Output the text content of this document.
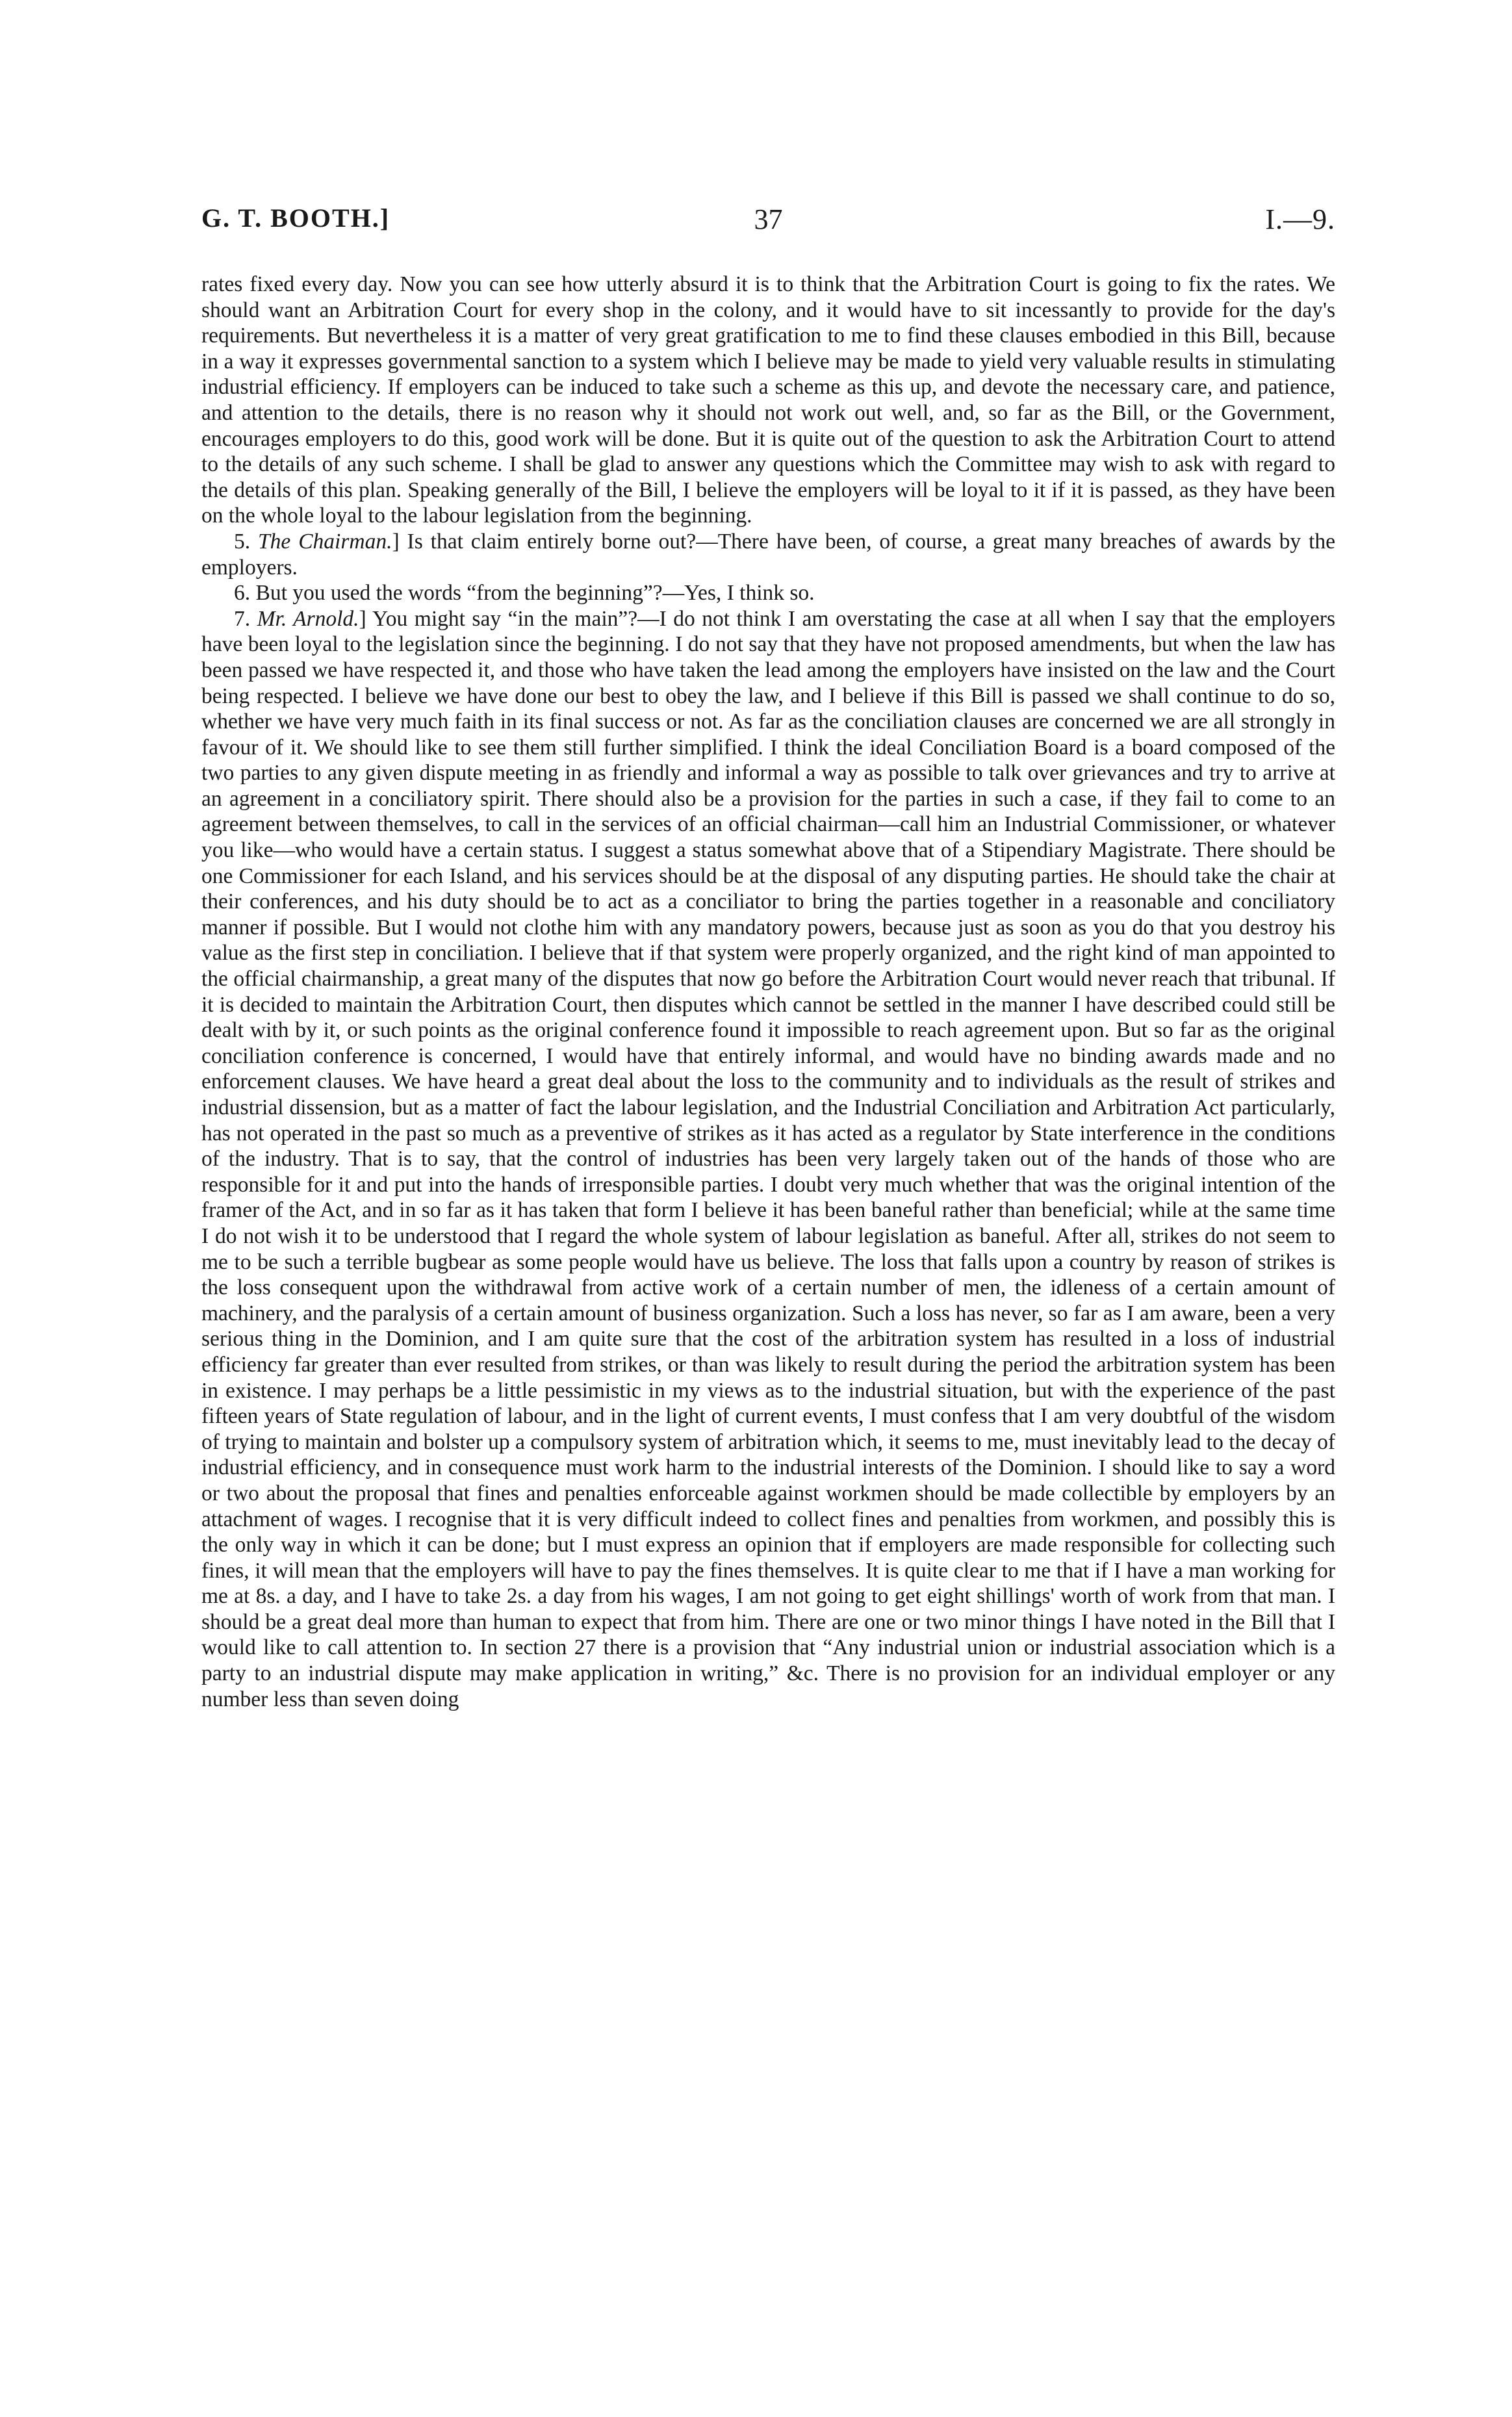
G. T. BOOTH.]	37	I.—9.

rates fixed every day. Now you can see how utterly absurd it is to think that the Arbitration Court is going to fix the rates. We should want an Arbitration Court for every shop in the colony, and it would have to sit incessantly to provide for the day's requirements. But nevertheless it is a matter of very great gratification to me to find these clauses embodied in this Bill, because in a way it expresses governmental sanction to a system which I believe may be made to yield very valuable results in stimulating industrial efficiency. If employers can be induced to take such a scheme as this up, and devote the necessary care, and patience, and attention to the details, there is no reason why it should not work out well, and, so far as the Bill, or the Government, encourages employers to do this, good work will be done. But it is quite out of the question to ask the Arbitration Court to attend to the details of any such scheme. I shall be glad to answer any questions which the Committee may wish to ask with regard to the details of this plan. Speaking generally of the Bill, I believe the employers will be loyal to it if it is passed, as they have been on the whole loyal to the labour legislation from the beginning.

5. The Chairman.] Is that claim entirely borne out?—There have been, of course, a great many breaches of awards by the employers.

6. But you used the words “from the beginning”?—Yes, I think so.

7. Mr. Arnold.] You might say “in the main”?—I do not think I am overstating the case at all when I say that the employers have been loyal to the legislation since the beginning. I do not say that they have not proposed amendments, but when the law has been passed we have respected it, and those who have taken the lead among the employers have insisted on the law and the Court being respected. I believe we have done our best to obey the law, and I believe if this Bill is passed we shall continue to do so, whether we have very much faith in its final success or not. As far as the conciliation clauses are concerned we are all strongly in favour of it. We should like to see them still further simplified. I think the ideal Conciliation Board is a board composed of the two parties to any given dispute meeting in as friendly and informal a way as possible to talk over grievances and try to arrive at an agreement in a conciliatory spirit. There should also be a provision for the parties in such a case, if they fail to come to an agreement between themselves, to call in the services of an official chairman—call him an Industrial Commissioner, or whatever you like—who would have a certain status. I suggest a status somewhat above that of a Stipendiary Magistrate. There should be one Commissioner for each Island, and his services should be at the disposal of any disputing parties. He should take the chair at their conferences, and his duty should be to act as a conciliator to bring the parties together in a reasonable and conciliatory manner if possible. But I would not clothe him with any mandatory powers, because just as soon as you do that you destroy his value as the first step in conciliation. I believe that if that system were properly organized, and the right kind of man appointed to the official chairmanship, a great many of the disputes that now go before the Arbitration Court would never reach that tribunal. If it is decided to maintain the Arbitration Court, then disputes which cannot be settled in the manner I have described could still be dealt with by it, or such points as the original conference found it impossible to reach agreement upon. But so far as the original conciliation conference is concerned, I would have that entirely informal, and would have no binding awards made and no enforcement clauses. We have heard a great deal about the loss to the community and to individuals as the result of strikes and industrial dissension, but as a matter of fact the labour legislation, and the Industrial Conciliation and Arbitration Act particularly, has not operated in the past so much as a preventive of strikes as it has acted as a regulator by State interference in the conditions of the industry. That is to say, that the control of industries has been very largely taken out of the hands of those who are responsible for it and put into the hands of irresponsible parties. I doubt very much whether that was the original intention of the framer of the Act, and in so far as it has taken that form I believe it has been baneful rather than beneficial; while at the same time I do not wish it to be understood that I regard the whole system of labour legislation as baneful. After all, strikes do not seem to me to be such a terrible bugbear as some people would have us believe. The loss that falls upon a country by reason of strikes is the loss consequent upon the withdrawal from active work of a certain number of men, the idleness of a certain amount of machinery, and the paralysis of a certain amount of business organization. Such a loss has never, so far as I am aware, been a very serious thing in the Dominion, and I am quite sure that the cost of the arbitration system has resulted in a loss of industrial efficiency far greater than ever resulted from strikes, or than was likely to result during the period the arbitration system has been in existence. I may perhaps be a little pessimistic in my views as to the industrial situation, but with the experience of the past fifteen years of State regulation of labour, and in the light of current events, I must confess that I am very doubtful of the wisdom of trying to maintain and bolster up a compulsory system of arbitration which, it seems to me, must inevitably lead to the decay of industrial efficiency, and in consequence must work harm to the industrial interests of the Dominion. I should like to say a word or two about the proposal that fines and penalties enforceable against workmen should be made collectible by employers by an attachment of wages. I recognise that it is very difficult indeed to collect fines and penalties from workmen, and possibly this is the only way in which it can be done; but I must express an opinion that if employers are made responsible for collecting such fines, it will mean that the employers will have to pay the fines themselves. It is quite clear to me that if I have a man working for me at 8s. a day, and I have to take 2s. a day from his wages, I am not going to get eight shillings' worth of work from that man. I should be a great deal more than human to expect that from him. There are one or two minor things I have noted in the Bill that I would like to call attention to. In section 27 there is a provision that “Any industrial union or industrial association which is a party to an industrial dispute may make application in writing,” &c. There is no provision for an individual employer or any number less than seven doing
